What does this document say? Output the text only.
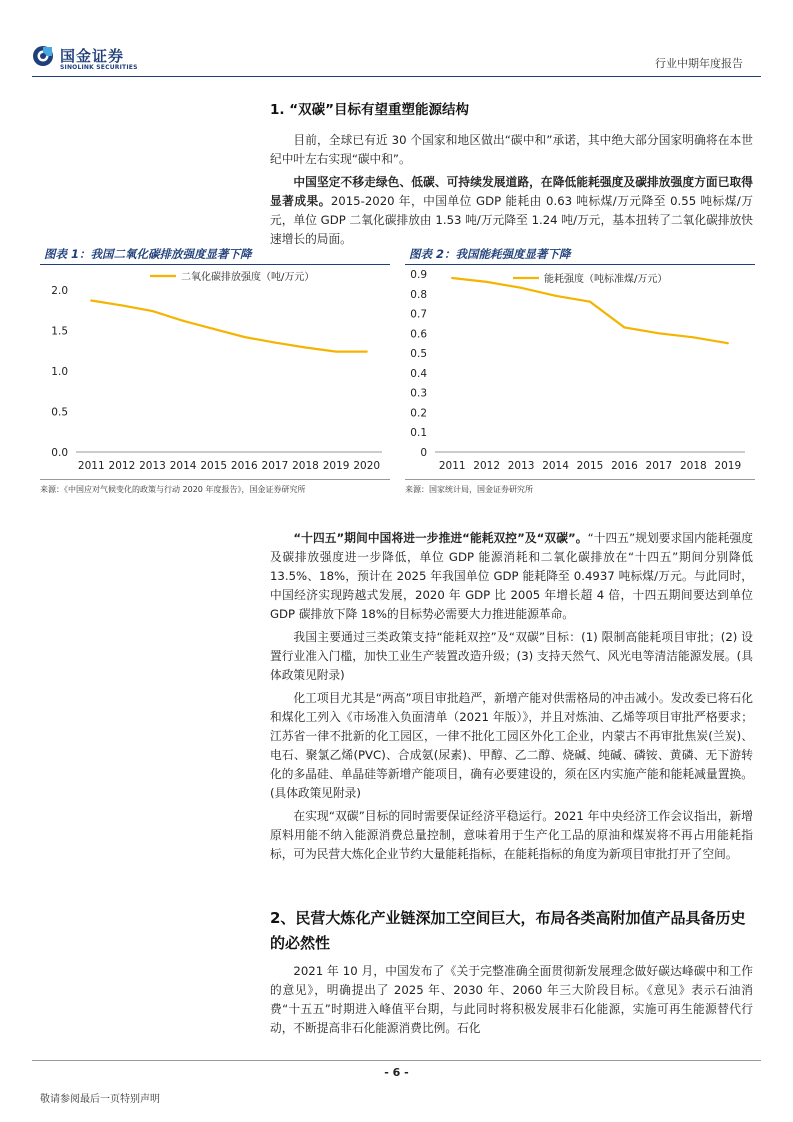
国金证券
SINOLINK SECURITIES	行业中期年度报告
1. “双碳”目标有望重塑能源结构

目前，全球已有近 30 个国家和地区做出“碳中和”承诺，其中绝大部分国家明确将在本世纪中叶左右实现“碳中和”。

中国坚定不移走绿色、低碳、可持续发展道路，在降低能耗强度及碳排放强度方面已取得显著成果。2015-2020 年，中国单位 GDP 能耗由 0.63 吨标煤/万元降至 0.55 吨标煤/万元，单位 GDP 二氧化碳排放由 1.53 吨/万元降至 1.24 吨/万元，基本扭转了二氧化碳排放快速增长的局面。

图表 1：我国二氧化碳排放强度显著下降
0.0
0.5
1.0
1.5
2.0
2011 2012 2013 2014 2015 2016 2017 2018 2019 2020
二氧化碳排放强度（吨/万元）
来源：《中国应对气候变化的政策与行动 2020 年度报告》，国金证券研究所
图表 2：我国能耗强度显著下降
0
0.1
0.2
0.3
0.4
0.5
0.6
0.7
0.8
0.9
2011 2012 2013 2014 2015 2016 2017 2018 2019
能耗强度（吨标准煤/万元）
来源：国家统计局，国金证券研究所

“十四五”期间中国将进一步推进“能耗双控”及“双碳”。“十四五”规划要求国内能耗强度及碳排放强度进一步降低，单位 GDP 能源消耗和二氧化碳排放在“十四五”期间分别降低 13.5%、18%，预计在 2025 年我国单位 GDP 能耗降至 0.4937 吨标煤/万元。与此同时，中国经济实现跨越式发展，2020 年 GDP 比 2005 年增长超 4 倍，十四五期间要达到单位 GDP 碳排放下降 18%的目标势必需要大力推进能源革命。

我国主要通过三类政策支持“能耗双控”及“双碳”目标：(1) 限制高能耗项目审批；(2) 设置行业准入门槛，加快工业生产装置改造升级；(3) 支持天然气、风光电等清洁能源发展。(具体政策见附录)

化工项目尤其是“两高”项目审批趋严，新增产能对供需格局的冲击减小。发改委已将石化和煤化工列入《市场准入负面清单（2021 年版）》，并且对炼油、乙烯等项目审批严格要求；江苏省一律不批新的化工园区，一律不批化工园区外化工企业，内蒙古不再审批焦炭(兰炭)、电石、聚氯乙烯(PVC)、合成氨(尿素)、甲醇、乙二醇、烧碱、纯碱、磷铵、黄磷、无下游转化的多晶硅、单晶硅等新增产能项目，确有必要建设的，须在区内实施产能和能耗减量置换。(具体政策见附录)

在实现“双碳”目标的同时需要保证经济平稳运行。2021 年中央经济工作会议指出，新增原料用能不纳入能源消费总量控制，意味着用于生产化工品的原油和煤炭将不再占用能耗指标，可为民营大炼化企业节约大量能耗指标，在能耗指标的角度为新项目审批打开了空间。

2、民营大炼化产业链深加工空间巨大，布局各类高附加值产品具备历史的必然性

2021 年 10 月，中国发布了《关于完整准确全面贯彻新发展理念做好碳达峰碳中和工作的意见》，明确提出了 2025 年、2030 年、2060 年三大阶段目标。《意见》表示石油消费“十五五”时期进入峰值平台期，与此同时将积极发展非石化能源，实施可再生能源替代行动，不断提高非石化能源消费比例。石化

- 6 -
敬请参阅最后一页特别声明
